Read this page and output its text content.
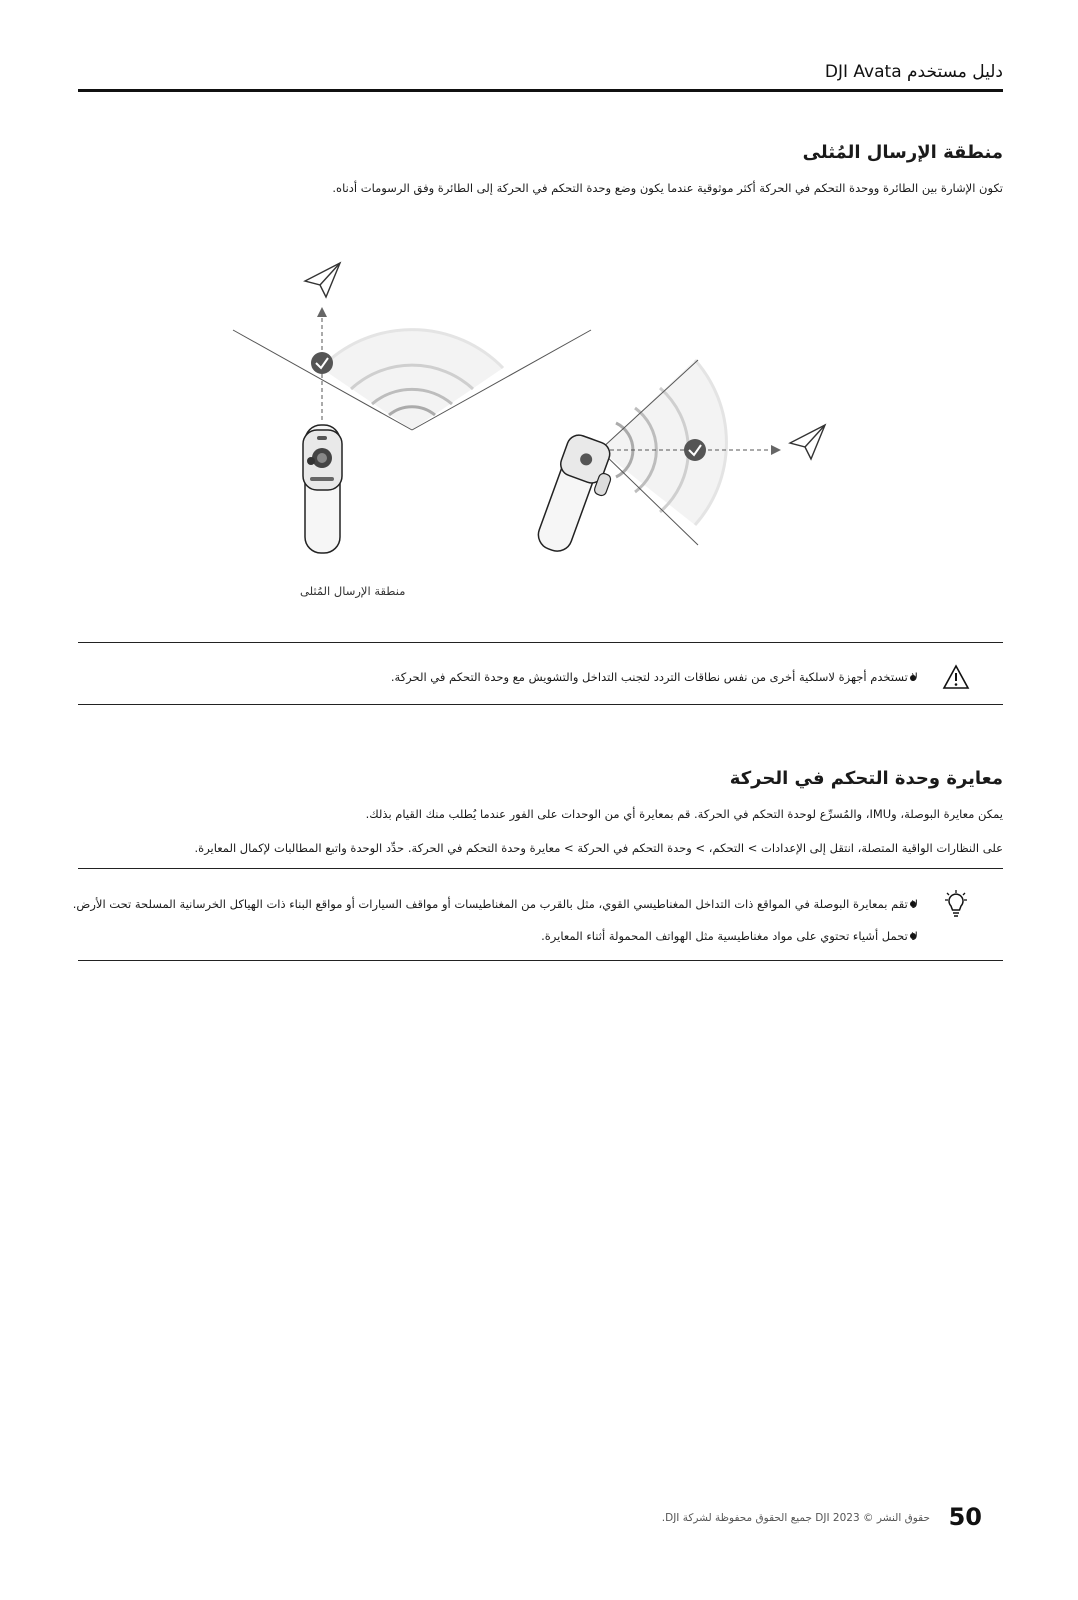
DJI Avata دليل مستخدم
منطقة الإرسال المُثلى
تكون الإشارة بين الطائرة ووحدة التحكم في الحركة أكثر موثوقية عندما يكون وضع وحدة التحكم في الحركة إلى الطائرة وفق الرسومات أدناه.
منطقة الإرسال المُثلى
لا تستخدم أجهزة لاسلكية أخرى من نفس نطاقات التردد لتجنب التداخل والتشويش مع وحدة التحكم في الحركة.
معايرة وحدة التحكم في الحركة
يمكن معايرة البوصلة، وIMU، والمُسرِّع لوحدة التحكم في الحركة. قم بمعايرة أي من الوحدات على الفور عندما يُطلب منك القيام بذلك.
على النظارات الواقية المتصلة، انتقل إلى الإعدادات > التحكم، > وحدة التحكم في الحركة > معايرة وحدة التحكم في الحركة. حدِّد الوحدة واتبع المطالبات لإكمال المعايرة.
لا تقم بمعايرة البوصلة في المواقع ذات التداخل المغناطيسي القوي، مثل بالقرب من المغناطيسات أو مواقف السيارات أو مواقع البناء ذات الهياكل الخرسانية المسلحة تحت الأرض.
لا تحمل أشياء تحتوي على مواد مغناطيسية مثل الهواتف المحمولة أثناء المعايرة.
حقوق النشر © 2023 DJI جميع الحقوق محفوظة لشركة DJI. 50
